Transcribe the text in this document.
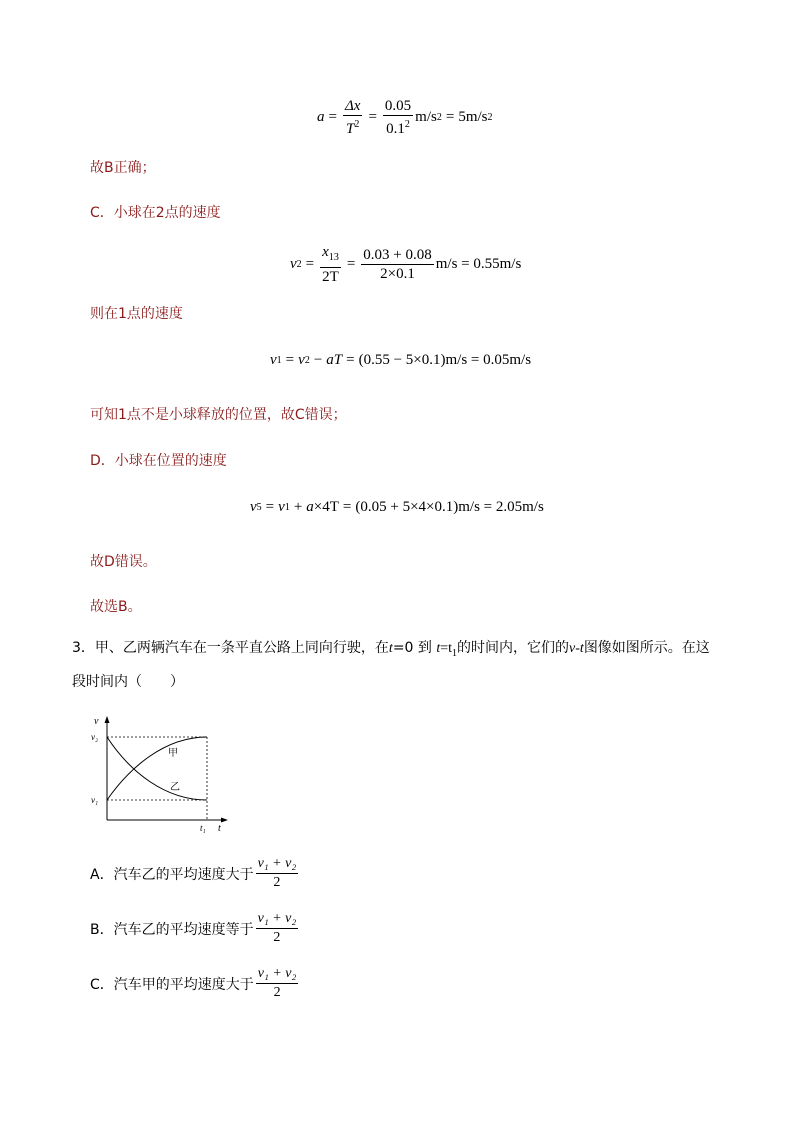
$a = \frac{\Delta x}{T^2} = \frac{0.05}{0.1^2} m/s$ 2 = 5m/s 2
故B正确；
C．小球在2点的速度
v $2 = \frac{x_{13}}{2T} = \frac{0.03 + 0.08}{2\times 0.1} m/s = 0.55m/s$
则在1点的速度
v 1 = v 2 − aT = (0.55 − 5×0.1)m/s = 0.05m/s
可知1点不是小球释放的位置，故C错误；
D．小球在位置的速度
v 5 = v 1 + a ×4T = (0.05 + 5×4×0.1)m/s = 2.05m/s
故D错误。
故选B。
3．甲、乙两辆汽车在一条平直公路上同向行驶，在t=0 到 $t=t_1$的时间内，它们的v-t图像如图所示。在这段时间内（　　）
v
t
v₂
v₁
t₁
甲
乙
A．汽车乙的平均速度大于 $\frac{\text{v₁ + v₂}}{2}$
B．汽车乙的平均速度等于 $\frac{\text{v₁ + v₂}}{2}$
C．汽车甲的平均速度大于 $\frac{\text{v₁ + v₂}}{2}$
